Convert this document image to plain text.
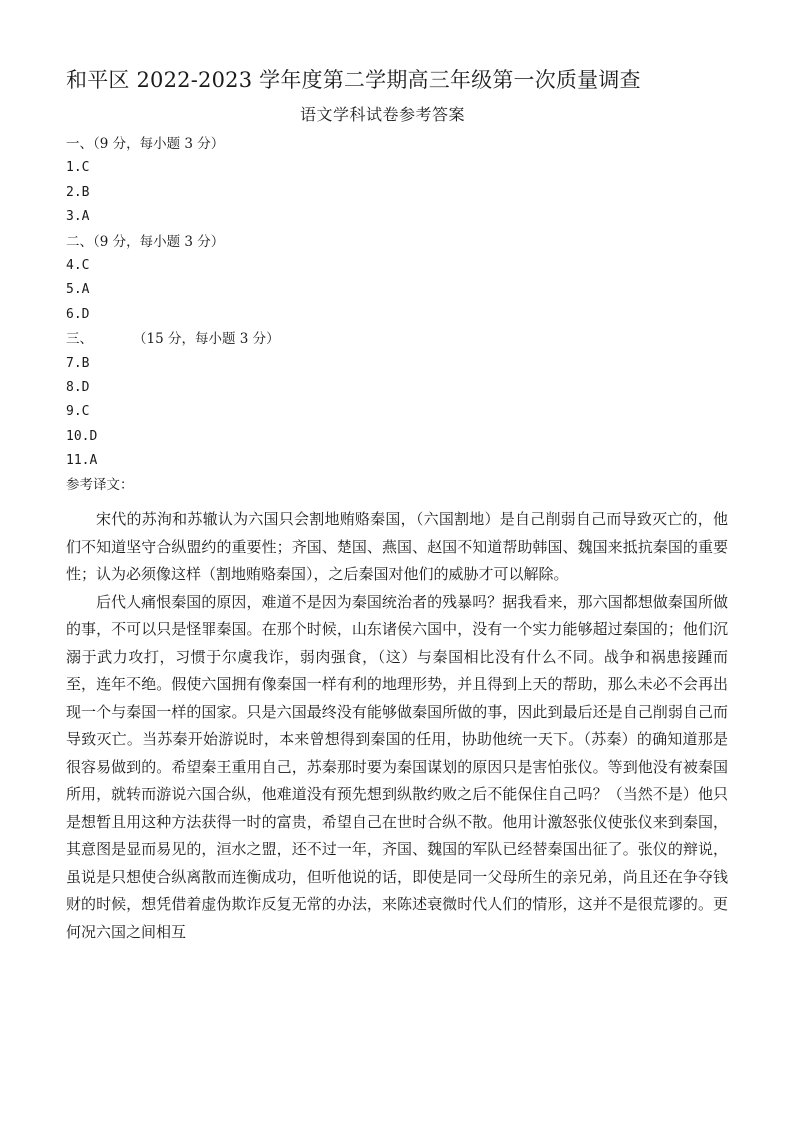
和平区 2022-2023 学年度第二学期高三年级第一次质量调查
语文学科试卷参考答案
一、（9 分，每小题 3 分）
1.C
2.B
3.A
二、（9 分，每小题 3 分）
4.C
5.A
6.D
三、	（15 分，每小题 3 分）
7.B
8.D
9.C
10.D
11.A
参考译文：

宋代的苏洵和苏辙认为六国只会割地贿赂秦国，（六国割地）是自己削弱自己而导致灭亡的，他们不知道坚守合纵盟约的重要性；齐国、楚国、燕国、赵国不知道帮助韩国、魏国来抵抗秦国的重要性；认为必须像这样（割地贿赂秦国），之后秦国对他们的威胁才可以解除。

后代人痛恨秦国的原因，难道不是因为秦国统治者的残暴吗？据我看来，那六国都想做秦国所做的事，不可以只是怪罪秦国。在那个时候，山东诸侯六国中，没有一个实力能够超过秦国的；他们沉溺于武力攻打，习惯于尔虞我诈，弱肉强食，（这）与秦国相比没有什么不同。战争和祸患接踵而至，连年不绝。假使六国拥有像秦国一样有利的地理形势，并且得到上天的帮助，那么未必不会再出现一个与秦国一样的国家。只是六国最终没有能够做秦国所做的事，因此到最后还是自己削弱自己而导致灭亡。当苏秦开始游说时，本来曾想得到秦国的任用，协助他统一天下。（苏秦）的确知道那是很容易做到的。希望秦王重用自己，苏秦那时要为秦国谋划的原因只是害怕张仪。等到他没有被秦国所用，就转而游说六国合纵，他难道没有预先想到纵散约败之后不能保住自己吗？（当然不是）他只是想暂且用这种方法获得一时的富贵，希望自己在世时合纵不散。他用计激怒张仪使张仪来到秦国，其意图是显而易见的，洹水之盟，还不过一年，齐国、魏国的军队已经替秦国出征了。张仪的辩说，虽说是只想使合纵离散而连衡成功，但听他说的话，即使是同一父母所生的亲兄弟，尚且还在争夺钱财的时候，想凭借着虚伪欺诈反复无常的办法，来陈述衰微时代人们的情形，这并不是很荒谬的。更何况六国之间相互
